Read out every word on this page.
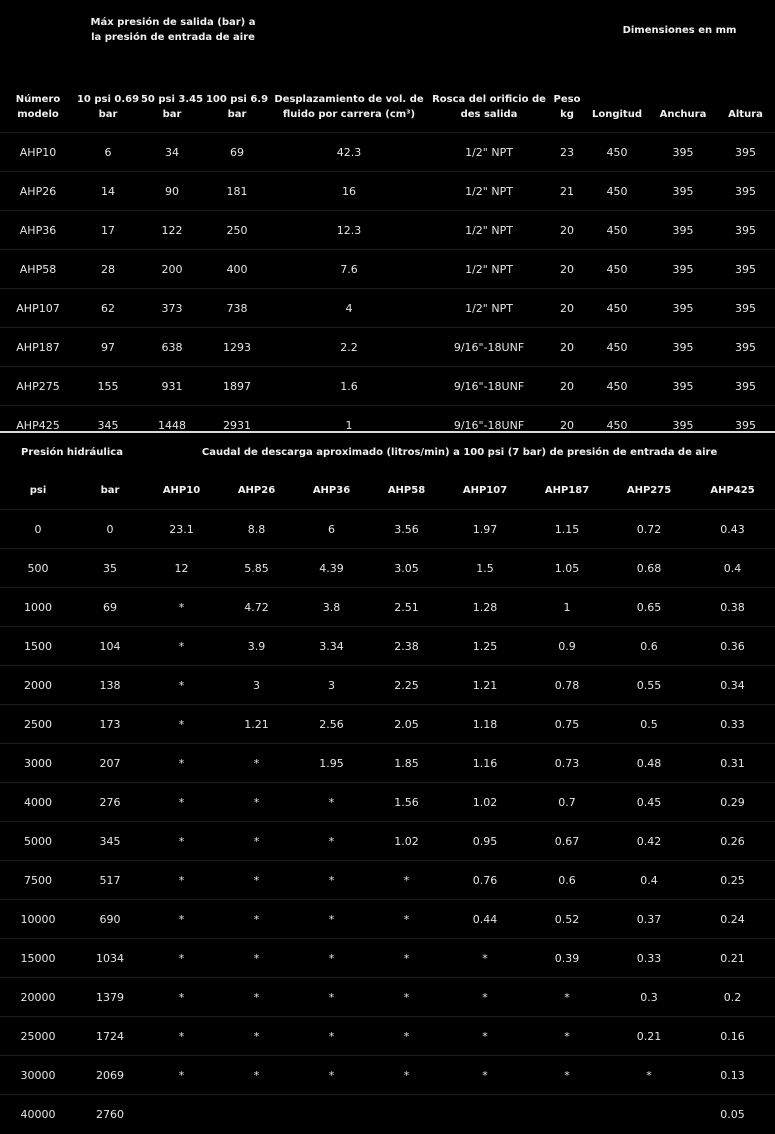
	Máx presión de salida (bar) a la presión de entrada de aire						Dimensiones en mm		
Número modelo	10 psi 0.69 bar	50 psi 3.45 bar	100 psi 6.9 bar	Desplazamiento de vol. de fluido por carrera (cm³)	Rosca del orificio de des salida	Peso kg	Longitud	Anchura	Altura
AHP10	6	34	69	42.3	1/2" NPT	23	450	395	395
AHP26	14	90	181	16	1/2" NPT	21	450	395	395
AHP36	17	122	250	12.3	1/2" NPT	20	450	395	395
AHP58	28	200	400	7.6	1/2" NPT	20	450	395	395
AHP107	62	373	738	4	1/2" NPT	20	450	395	395
AHP187	97	638	1293	2.2	9/16"-18UNF	20	450	395	395
AHP275	155	931	1897	1.6	9/16"-18UNF	20	450	395	395
AHP425	345	1448	2931	1	9/16"-18UNF	20	450	395	395
Presión hidráulica		Caudal de descarga aproximado (litros/min) a 100 psi (7 bar) de presión de entrada de aire							
psi	bar	AHP10	AHP26	AHP36	AHP58	AHP107	AHP187	AHP275	AHP425
0	0	23.1	8.8	6	3.56	1.97	1.15	0.72	0.43
500	35	12	5.85	4.39	3.05	1.5	1.05	0.68	0.4
1000	69	*	4.72	3.8	2.51	1.28	1	0.65	0.38
1500	104	*	3.9	3.34	2.38	1.25	0.9	0.6	0.36
2000	138	*	3	3	2.25	1.21	0.78	0.55	0.34
2500	173	*	1.21	2.56	2.05	1.18	0.75	0.5	0.33
3000	207	*	*	1.95	1.85	1.16	0.73	0.48	0.31
4000	276	*	*	*	1.56	1.02	0.7	0.45	0.29
5000	345	*	*	*	1.02	0.95	0.67	0.42	0.26
7500	517	*	*	*	*	0.76	0.6	0.4	0.25
10000	690	*	*	*	*	0.44	0.52	0.37	0.24
15000	1034	*	*	*	*	*	0.39	0.33	0.21
20000	1379	*	*	*	*	*	*	0.3	0.2
25000	1724	*	*	*	*	*	*	0.21	0.16
30000	2069	*	*	*	*	*	*	*	0.13
40000	2760								0.05
